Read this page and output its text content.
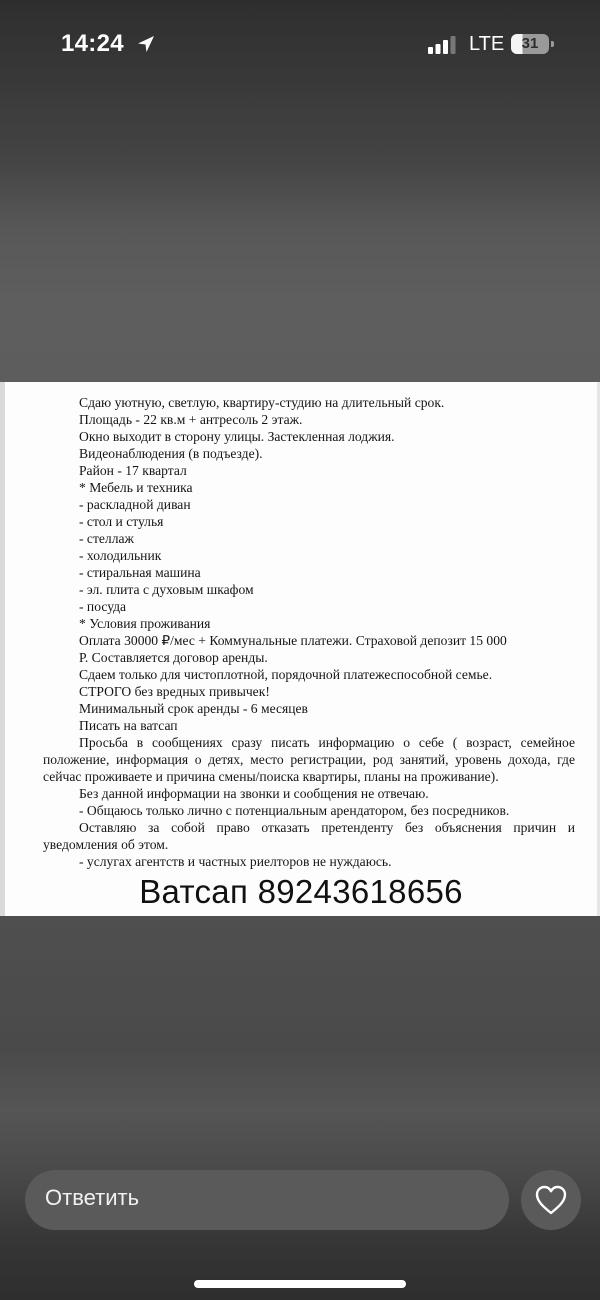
14:24	LTE	31
Сдаю уютную, светлую, квартиру-студию на длительный срок.
Площадь - 22 кв.м + антресоль 2 этаж.
Окно выходит в сторону улицы. Застекленная лоджия.
Видеонаблюдения (в подъезде).
Район - 17 квартал
* Мебель и техника
- раскладной диван
- стол и стулья
- стеллаж
- холодильник
- стиральная машина
- эл. плита с духовым шкафом
- посуда
* Условия проживания
Оплата 30000 ₽/мес + Коммунальные платежи. Страховой депозит 15 000
Р. Составляется договор аренды.
Сдаем только для чистоплотной, порядочной платежеспособной семье.
СТРОГО без вредных привычек!
Минимальный срок аренды - 6 месяцев
Писать на ватсап
Просьба в сообщениях сразу писать информацию о себе ( возраст, семейное положение, информация о детях, место регистрации, род занятий, уровень дохода, где сейчас проживаете и причина смены/поиска квартиры, планы на проживание).
Без данной информации на звонки и сообщения не отвечаю.
- Общаюсь только лично с потенциальным арендатором, без посредников.
Оставляю за собой право отказать претенденту без объяснения причин и уведомления об этом.
- услугах агентств и частных риелторов не нуждаюсь.
Ватсап 89243618656
Ответить
